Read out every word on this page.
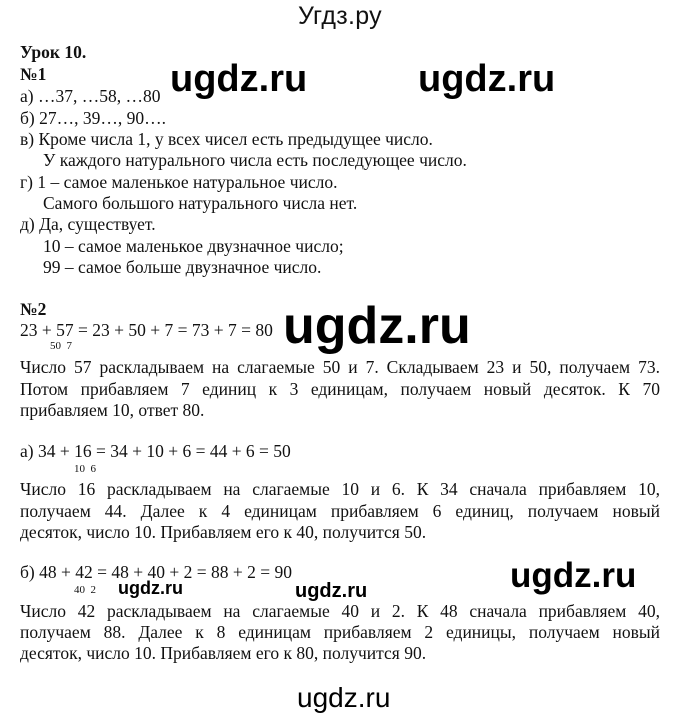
Угдз.ру
Урок 10.
№1
а) …37, …58, …80
б) 27…, 39…, 90….
в) Кроме числа 1, у всех чисел есть предыдущее число.
У каждого натурального числа есть последующее число.
г) 1 – самое маленькое натуральное число.
Самого большого натурального числа нет.
д) Да, существует.
10 – самое маленькое двузначное число;
99 – самое больше двузначное число.
№2
23 + 57 = 23 + 50 + 7 = 73 + 7 = 80
50  7
Число 57 раскладываем на слагаемые 50 и 7. Складываем 23 и 50, получаем 73.
Потом прибавляем 7 единиц к 3 единицам, получаем новый десяток. К 70
прибавляем 10, ответ 80.
а) 34 + 16 = 34 + 10 + 6 = 44 + 6 = 50
10  6
Число 16 раскладываем на слагаемые 10 и 6. К 34 сначала прибавляем 10,
получаем 44. Далее к 4 единицам прибавляем 6 единиц, получаем новый
десяток, число 10. Прибавляем его к 40, получится 50.
б) 48 + 42 = 48 + 40 + 2 = 88 + 2 = 90
40  2
Число 42 раскладываем на слагаемые 40 и 2. К 48 сначала прибавляем 40,
получаем 88. Далее к 8 единицам прибавляем 2 единицы, получаем новый
десяток, число 10. Прибавляем его к 80, получится 90.
ugdz.ru	ugdz.ru
ugdz.ru
ugdz.ru
ugdz.ru	ugdz.ru
ugdz.ru
